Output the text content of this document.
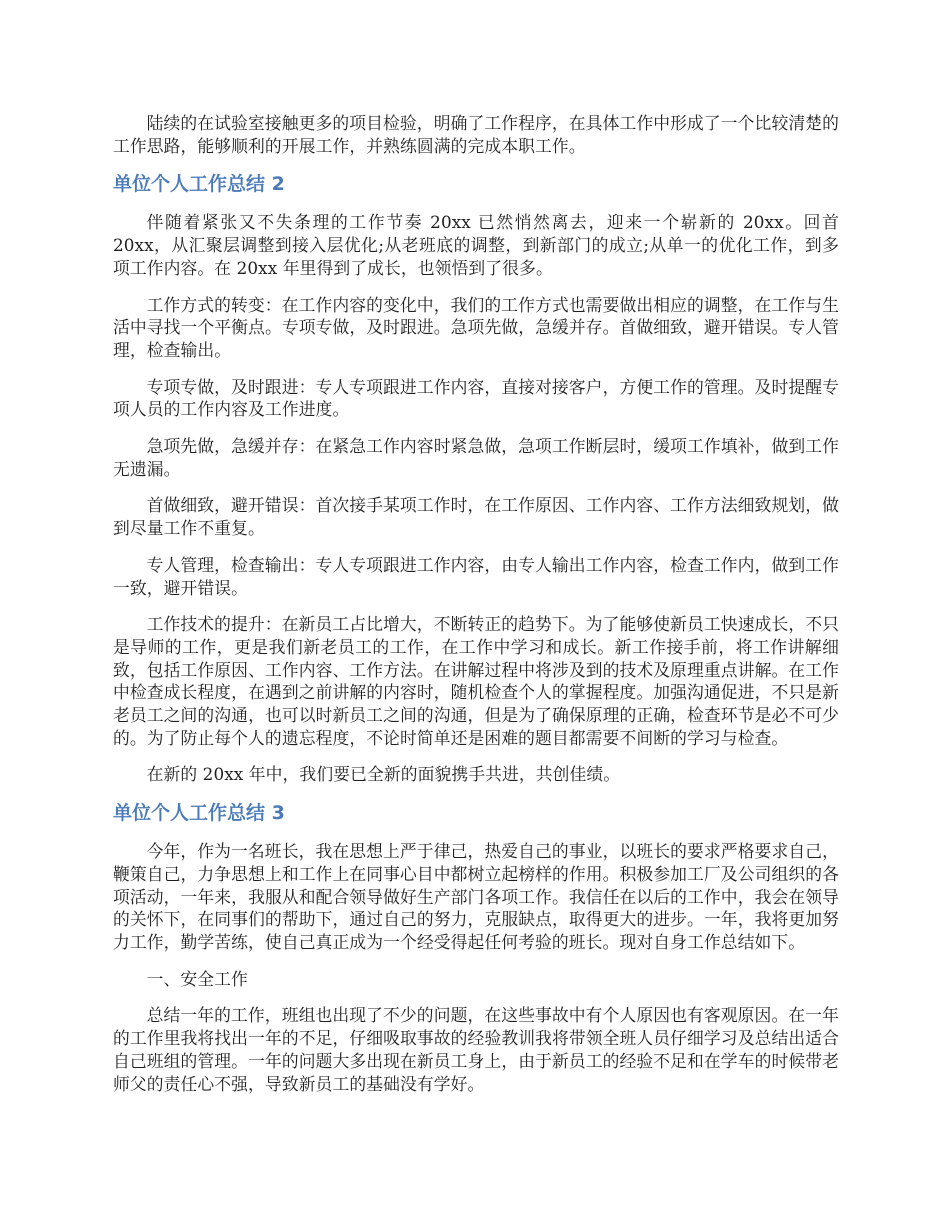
陆续的在试验室接触更多的项目检验，明确了工作程序，在具体工作中形成了一个比较清楚的工作思路，能够顺利的开展工作，并熟练圆满的完成本职工作。

单位个人工作总结 2

伴随着紧张又不失条理的工作节奏 20xx 已然悄然离去，迎来一个崭新的 20xx。回首 20xx，从汇聚层调整到接入层优化;从老班底的调整，到新部门的成立;从单一的优化工作，到多项工作内容。在 20xx 年里得到了成长，也领悟到了很多。

工作方式的转变：在工作内容的变化中，我们的工作方式也需要做出相应的调整，在工作与生活中寻找一个平衡点。专项专做，及时跟进。急项先做，急缓并存。首做细致，避开错误。专人管理，检查输出。

专项专做，及时跟进：专人专项跟进工作内容，直接对接客户，方便工作的管理。及时提醒专项人员的工作内容及工作进度。

急项先做，急缓并存：在紧急工作内容时紧急做，急项工作断层时，缓项工作填补，做到工作无遗漏。

首做细致，避开错误：首次接手某项工作时，在工作原因、工作内容、工作方法细致规划，做到尽量工作不重复。

专人管理，检查输出：专人专项跟进工作内容，由专人输出工作内容，检查工作内，做到工作一致，避开错误。

工作技术的提升：在新员工占比增大，不断转正的趋势下。为了能够使新员工快速成长，不只是导师的工作，更是我们新老员工的工作，在工作中学习和成长。新工作接手前，将工作讲解细致，包括工作原因、工作内容、工作方法。在讲解过程中将涉及到的技术及原理重点讲解。在工作中检查成长程度，在遇到之前讲解的内容时，随机检查个人的掌握程度。加强沟通促进，不只是新老员工之间的沟通，也可以时新员工之间的沟通，但是为了确保原理的正确，检查环节是必不可少的。为了防止每个人的遗忘程度，不论时简单还是困难的题目都需要不间断的学习与检查。

在新的 20xx 年中，我们要已全新的面貌携手共进，共创佳绩。

单位个人工作总结 3

今年，作为一名班长，我在思想上严于律己，热爱自己的事业，以班长的要求严格要求自己，鞭策自己，力争思想上和工作上在同事心目中都树立起榜样的作用。积极参加工厂及公司组织的各项活动，一年来，我服从和配合领导做好生产部门各项工作。我信任在以后的工作中，我会在领导的关怀下，在同事们的帮助下，通过自己的努力，克服缺点，取得更大的进步。一年，我将更加努力工作，勤学苦练，使自己真正成为一个经受得起任何考验的班长。现对自身工作总结如下。

一、安全工作

总结一年的工作，班组也出现了不少的问题，在这些事故中有个人原因也有客观原因。在一年的工作里我将找出一年的不足，仔细吸取事故的经验教训我将带领全班人员仔细学习及总结出适合自己班组的管理。一年的问题大多出现在新员工身上，由于新员工的经验不足和在学车的时候带老师父的责任心不强，导致新员工的基础没有学好。
